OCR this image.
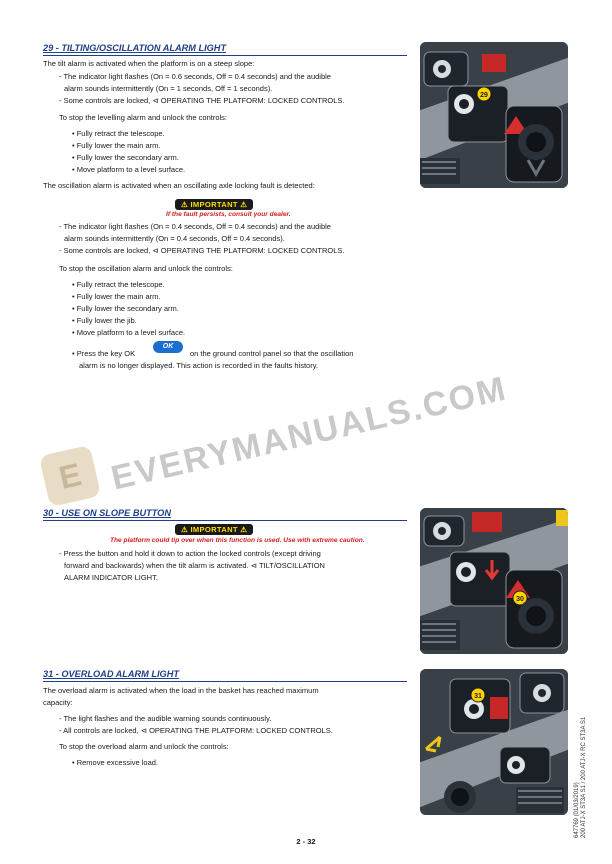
29 - TILTING/OSCILLATION ALARM LIGHT
The tilt alarm is activated when the platform is on a steep slope:
- The indicator light flashes (On = 0.6 seconds, Off = 0.4 seconds) and the audible
alarm sounds intermittently (On = 1 seconds, Off = 1 seconds).
- Some controls are locked, ⊲ OPERATING THE PLATFORM: LOCKED CONTROLS.
To stop the levelling alarm and unlock the controls:
• Fully retract the telescope.
• Fully lower the main arm.
• Fully lower the secondary arm.
• Move platform to a level surface.
The oscillation alarm is activated when an oscillating axle locking fault is detected:
⚠ IMPORTANT ⚠
If the fault persists, consult your dealer.
- The indicator light flashes (On = 0.4 seconds, Off = 0.4 seconds) and the audible
alarm sounds intermittently (On = 0.4 seconds, Off = 0.4 seconds).
- Some controls are locked, ⊲ OPERATING THE PLATFORM: LOCKED CONTROLS.
To stop the oscillation alarm and unlock the controls:
• Fully retract the telescope.
• Fully lower the main arm.
• Fully lower the secondary arm.
• Fully lower the jib.
• Move platform to a level surface.
• Press the key OK
OK
on the ground control panel so that the oscillation
alarm is no longer displayed. This action is recorded in the faults history.
29
E EVERYMANUALS.COM
30 - USE ON SLOPE BUTTON
⚠ IMPORTANT ⚠
The platform could tip over when this function is used. Use with extreme caution.
- Press the button and hold it down to action the locked controls (except driving
forward and backwards) when the tilt alarm is activated. ⊲ TILT/OSCILLATION
ALARM INDICATOR LIGHT.
30
31 - OVERLOAD ALARM LIGHT
The overload alarm is activated when the load in the basket has reached maximum
capacity:
- The light flashes and the audible warning sounds continuously.
- All controls are locked, ⊲ OPERATING THE PLATFORM: LOCKED CONTROLS.
To stop the overload alarm and unlock the controls:
• Remove excessive load.
31
647769 (01/03/2019) 200 ATJ-X ST3A S1 / 200 ATJ-X RC ST3A S1
2 - 32
